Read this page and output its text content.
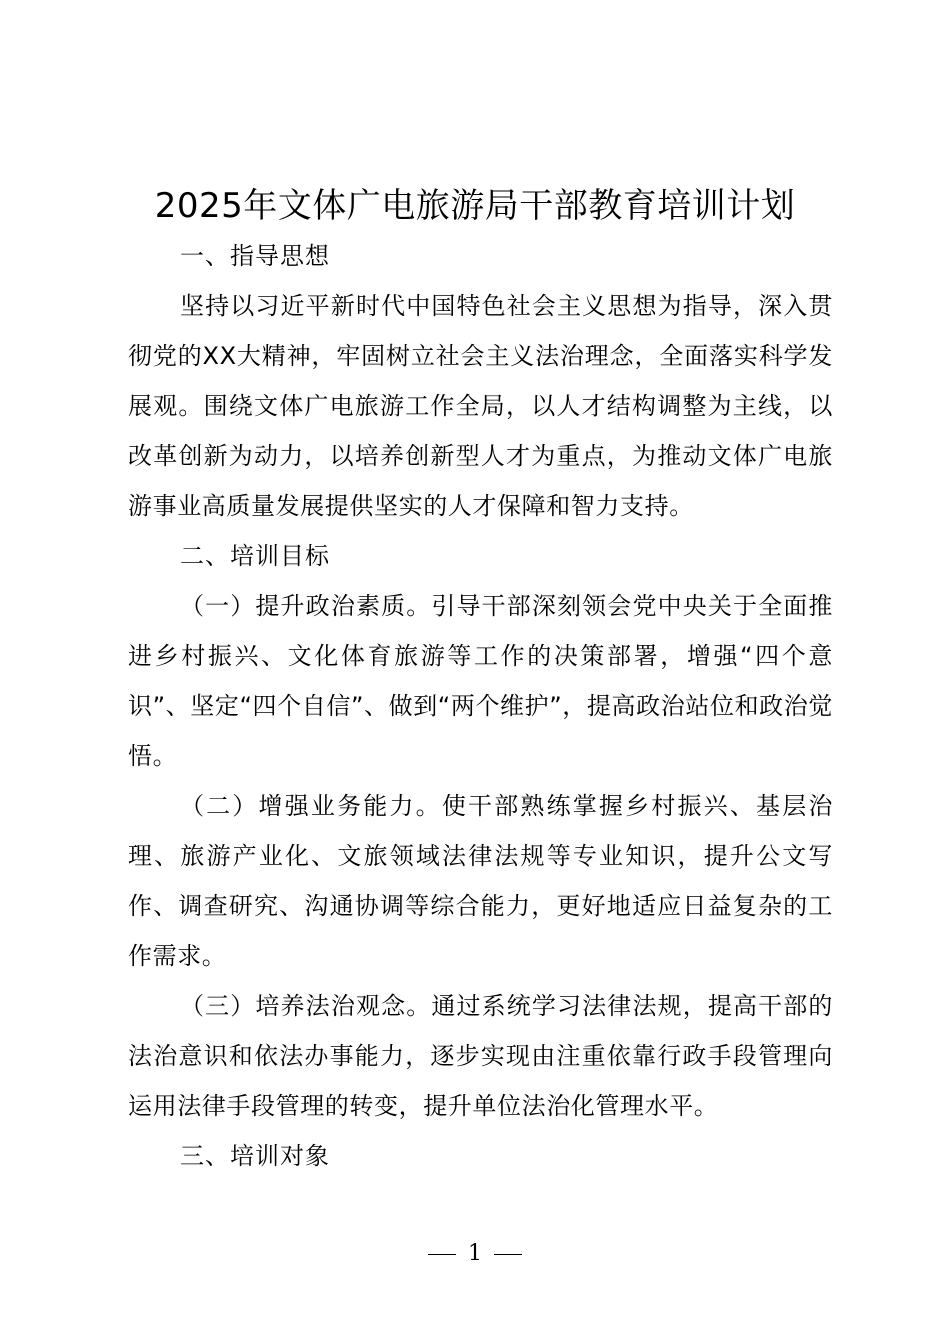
2025年文体广电旅游局干部教育培训计划

一、指导思想

坚持以习近平新时代中国特色社会主义思想为指导，深入贯彻党的XX大精神，牢固树立社会主义法治理念，全面落实科学发展观。围绕文体广电旅游工作全局，以人才结构调整为主线，以改革创新为动力，以培养创新型人才为重点，为推动文体广电旅游事业高质量发展提供坚实的人才保障和智力支持。

二、培训目标

（一）提升政治素质。引导干部深刻领会党中央关于全面推进乡村振兴、文化体育旅游等工作的决策部署，增强“四个意识”、坚定“四个自信”、做到“两个维护”，提高政治站位和政治觉悟。

（二）增强业务能力。使干部熟练掌握乡村振兴、基层治理、旅游产业化、文旅领域法律法规等专业知识，提升公文写作、调查研究、沟通协调等综合能力，更好地适应日益复杂的工作需求。

（三）培养法治观念。通过系统学习法律法规，提高干部的法治意识和依法办事能力，逐步实现由注重依靠行政手段管理向运用法律手段管理的转变，提升单位法治化管理水平。

三、培训对象

1
